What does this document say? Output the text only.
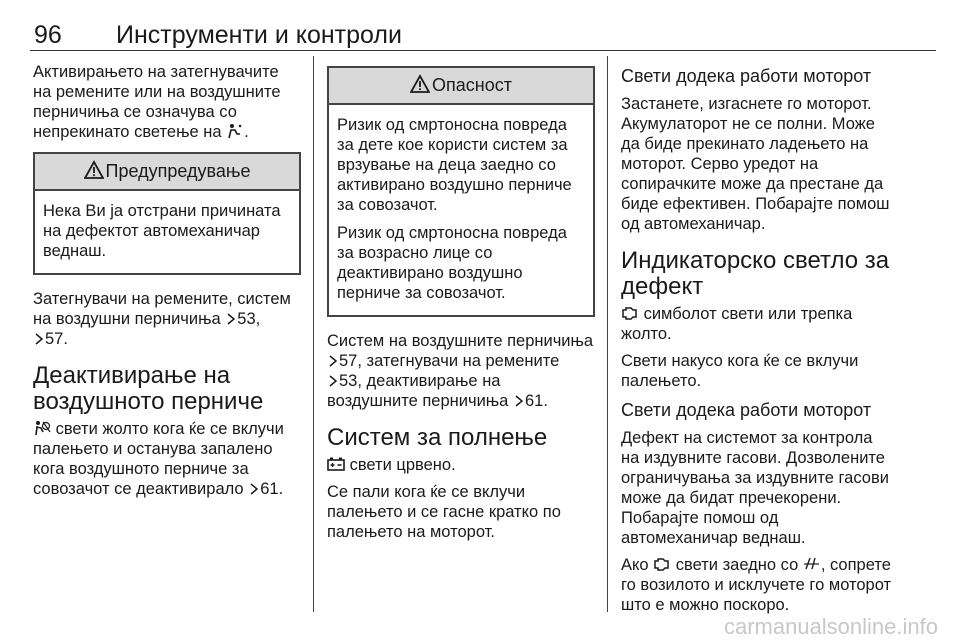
96 Инструменти и контроли

Активирањето на затегнувачите на ремените или на воздушните перничиња се означува со непрекинато светење на .

Предупредување

Нека Ви ја отстрани причината на дефектот автомеханичар веднаш.

Затегнувачи на ремените, систем на воздушни перничиња 53,
57.

Деактивирање на воздушното перниче

свети жолто кога ќе се вклучи палењето и останува запалено кога воздушното перниче за совозачот се деактивирало 61.

Опасност

Ризик од смртоносна повреда за дете кое користи систем за врзување на деца заедно со активирано воздушно перниче за совозачот.

Ризик од смртоносна повреда за возрасно лице со деактивирано воздушно перниче за совозачот.

Систем на воздушните перничиња
57, затегнувачи на ремените
53, деактивирање на воздушните перничиња 61.

Систем за полнење

свети црвено.

Се пали кога ќе се вклучи палењето и се гасне кратко по палењето на моторот.

Свети додека работи моторот

Застанете, изгаснете го моторот. Акумулаторот не се полни. Може да биде прекинато ладењето на моторот. Серво уредот на сопирачките може да престане да биде ефективен. Побарајте помош од автомеханичар.

Индикаторско светло за дефект

симболот свети или трепка жолто.

Свети накусо кога ќе се вклучи палењето.

Свети додека работи моторот

Дефект на системот за контрола на издувните гасови. Дозволените ограничувања за издувните гасови може да бидат пречекорени. Побарајте помош од автомеханичар веднаш.

Ако  свети заедно со , сопрете го возилото и исклучете го моторот што е можно поскоро.

carmanualsonline.info
